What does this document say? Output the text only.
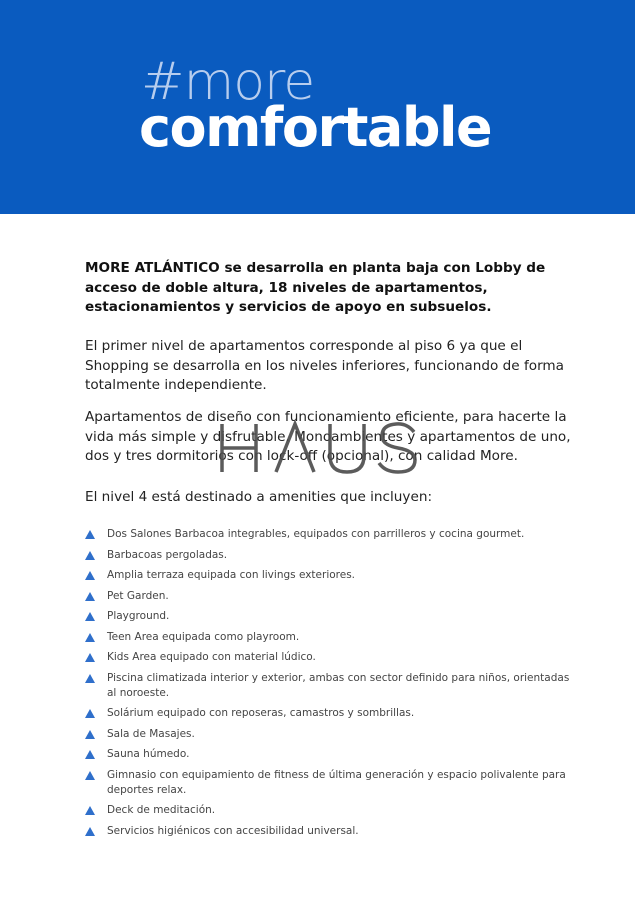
#more
comfortable

MORE ATLÁNTICO se desarrolla en planta baja con Lobby de acceso de doble altura, 18 niveles de apartamentos, estacionamientos y servicios de apoyo en subsuelos.

El primer nivel de apartamentos corresponde al piso 6 ya que el Shopping se desarrolla en los niveles inferiores, funcionando de forma totalmente independiente.

Apartamentos de diseño con funcionamiento eficiente, para hacerte la vida más simple y disfrutable. Monoambientes y apartamentos de uno, dos y tres dormitorios con lock-off (opcional), con calidad More.

El nivel 4 está destinado a amenities que incluyen:

Dos Salones Barbacoa integrables, equipados con parrilleros y cocina gourmet.
Barbacoas pergoladas.
Amplia terraza equipada con livings exteriores.
Pet Garden.
Playground.
Teen Area equipada como playroom.
Kids Area equipado con material lúdico.
Piscina climatizada interior y exterior, ambas con sector definido para niños, orientadas al noroeste.
Solárium equipado con reposeras, camastros y sombrillas.
Sala de Masajes.
Sauna húmedo.
Gimnasio con equipamiento de fitness de última generación y espacio polivalente para deportes relax.
Deck de meditación.
Servicios higiénicos con accesibilidad universal.
